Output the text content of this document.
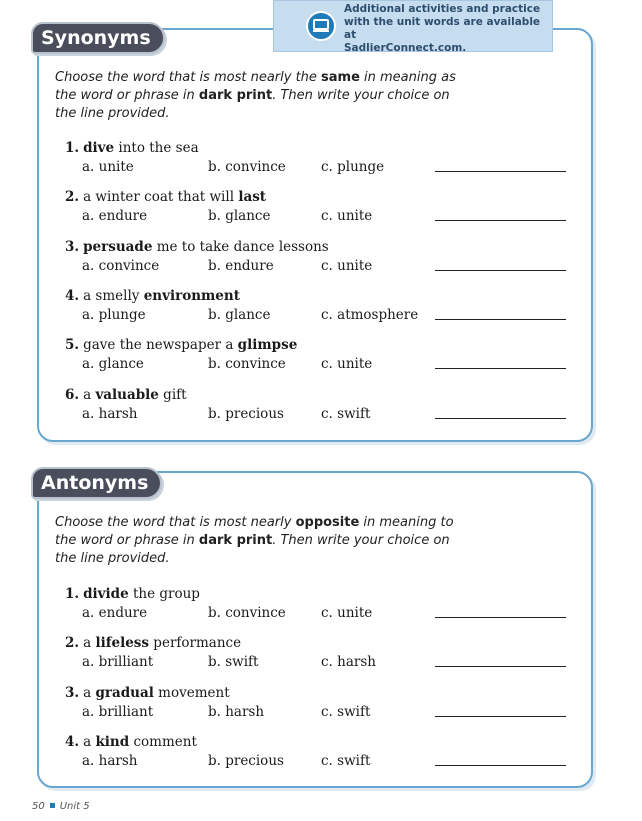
Additional activities and practice
with the unit words are available at
SadlierConnect.com.
Synonyms
Choose the word that is most nearly the same in meaning as the word or phrase in dark print. Then write your choice on the line provided.
1. dive into the sea
a. unite	b. convince	c. plunge
2. a winter coat that will last
a. endure	b. glance	c. unite
3. persuade me to take dance lessons
a. convince	b. endure	c. unite
4. a smelly environment
a. plunge	b. glance	c. atmosphere
5. gave the newspaper a glimpse
a. glance	b. convince	c. unite
6. a valuable gift
a. harsh	b. precious	c. swift
Antonyms
Choose the word that is most nearly opposite in meaning to the word or phrase in dark print. Then write your choice on the line provided.
1. divide the group
a. endure	b. convince	c. unite
2. a lifeless performance
a. brilliant	b. swift	c. harsh
3. a gradual movement
a. brilliant	b. harsh	c. swift
4. a kind comment
a. harsh	b. precious	c. swift
50 Unit 5
